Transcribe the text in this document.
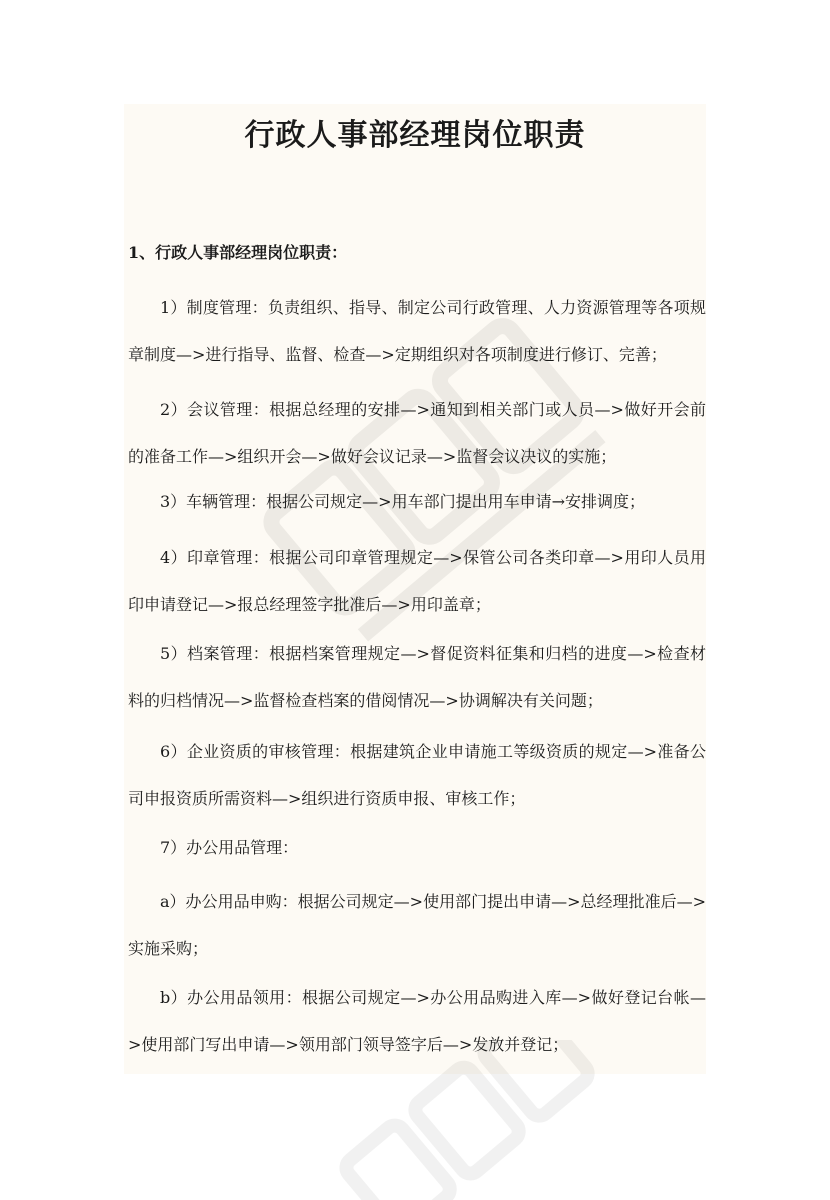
行政人事部经理岗位职责
1、行政人事部经理岗位职责：

1）制度管理：负责组织、指导、制定公司行政管理、人力资源管理等各项规章制度—>进行指导、监督、检查—>定期组织对各项制度进行修订、完善；

2）会议管理：根据总经理的安排—>通知到相关部门或人员—>做好开会前的准备工作—>组织开会—>做好会议记录—>监督会议决议的实施；

3）车辆管理：根据公司规定—>用车部门提出用车申请→安排调度；

4）印章管理：根据公司印章管理规定—>保管公司各类印章—>用印人员用印申请登记—>报总经理签字批准后—>用印盖章；

5）档案管理：根据档案管理规定—>督促资料征集和归档的进度—>检查材料的归档情况—>监督检查档案的借阅情况—>协调解决有关问题；

6）企业资质的审核管理：根据建筑企业申请施工等级资质的规定—>准备公司申报资质所需资料—>组织进行资质申报、审核工作；

7）办公用品管理：

a）办公用品申购：根据公司规定—>使用部门提出申请—>总经理批准后—>实施采购；

b）办公用品领用：根据公司规定—>办公用品购进入库—>做好登记台帐—>使用部门写出申请—>领用部门领导签字后—>发放并登记；
